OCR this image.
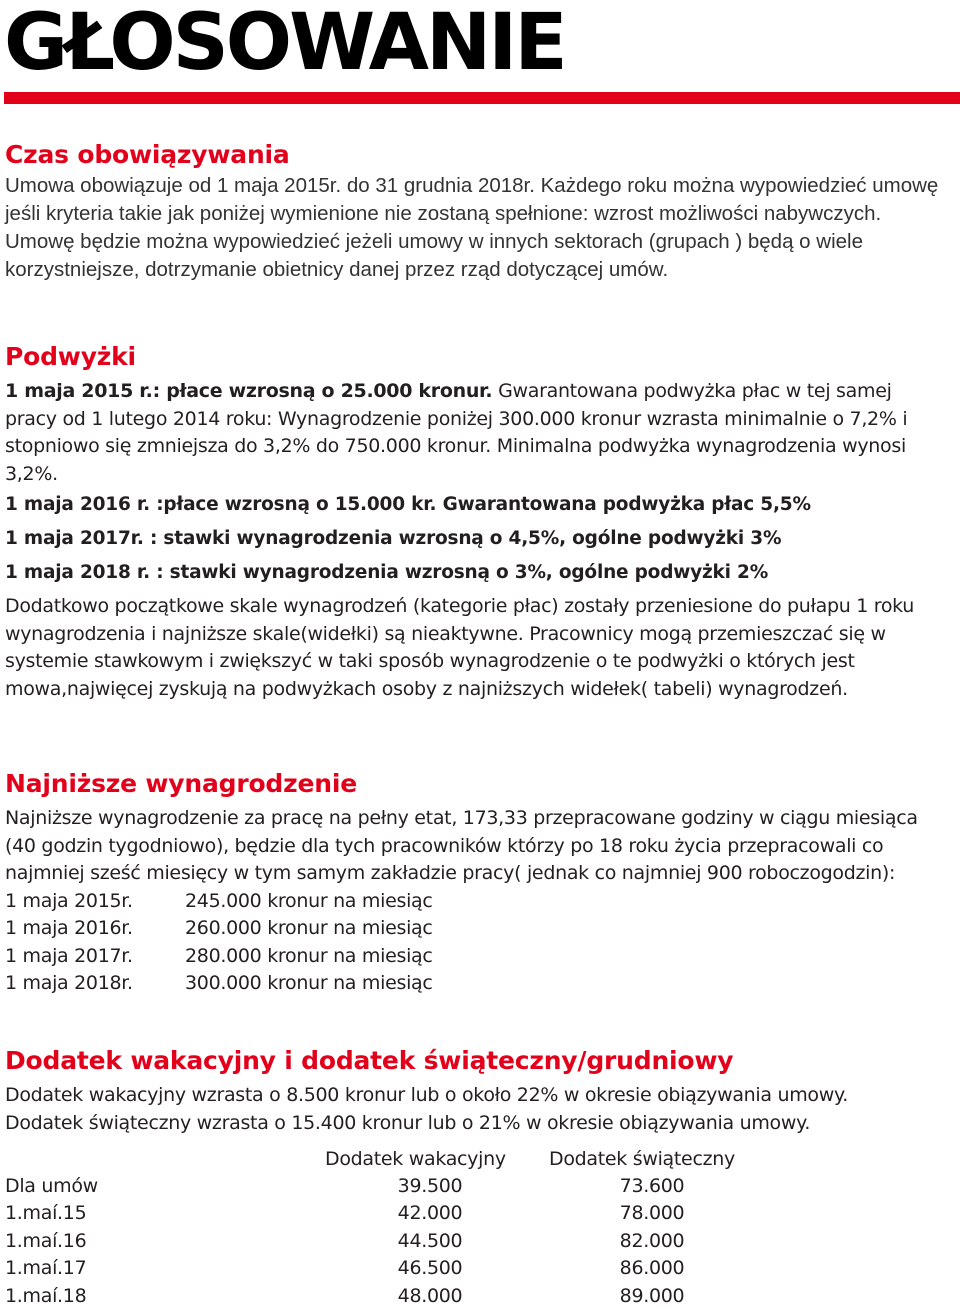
GŁOSOWANIE
Czas obowiązywania

Umowa obowiązuje od 1 maja 2015r. do 31 grudnia 2018r. Każdego roku można wypowiedzieć umowę jeśli kryteria takie jak poniżej wymienione nie zostaną spełnione: wzrost możliwości nabywczych. Umowę będzie można wypowiedzieć jeżeli umowy w innych sektorach (grupach ) będą o wiele korzystniejsze, dotrzymanie obietnicy danej przez rząd dotyczącej umów.

Podwyżki

1 maja 2015 r.: płace wzrosną o 25.000 kronur. Gwarantowana podwyżka płac w tej samej pracy od 1 lutego 2014 roku: Wynagrodzenie poniżej 300.000 kronur wzrasta minimalnie o 7,2% i stopniowo się zmniejsza do 3,2% do 750.000 kronur. Minimalna podwyżka wynagrodzenia wynosi 3,2%.

1 maja 2016 r. :płace wzrosną o 15.000 kr. Gwarantowana podwyżka płac 5,5%

1 maja 2017r. : stawki wynagrodzenia wzrosną o 4,5%, ogólne podwyżki 3%

1 maja 2018 r. : stawki wynagrodzenia wzrosną o 3%, ogólne podwyżki 2%

Dodatkowo początkowe skale wynagrodzeń (kategorie płac) zostały przeniesione do pułapu 1 roku wynagrodzenia i najniższe skale(widełki) są nieaktywne. Pracownicy mogą przemieszczać się w systemie stawkowym i zwiększyć w taki sposób wynagrodzenie o te podwyżki o których jest mowa,najwięcej zyskują na podwyżkach osoby z najniższych widełek( tabeli) wynagrodzeń.

Najniższe wynagrodzenie

Najniższe wynagrodzenie za pracę na pełny etat, 173,33 przepracowane godziny w ciągu miesiąca (40 godzin tygodniowo), będzie dla tych pracowników którzy po 18 roku życia przepracowali co najmniej sześć miesięcy w tym samym zakładzie pracy( jednak co najmniej 900 roboczogodzin):

1 maja 2015r.	245.000 kronur na miesiąc
1 maja 2016r.	260.000 kronur na miesiąc
1 maja 2017r.	280.000 kronur na miesiąc
1 maja 2018r.	300.000 kronur na miesiąc
Dodatek wakacyjny i dodatek świąteczny/grudniowy

Dodatek wakacyjny wzrasta o 8.500 kronur lub o około 22% w okresie obiązywania umowy.

Dodatek świąteczny wzrasta o 15.400 kronur lub o 21% w okresie obiązywania umowy.

	Dodatek wakacyjny	Dodatek świąteczny
Dla umów	39.500	73.600
1.maí.15	42.000	78.000
1.maí.16	44.500	82.000
1.maí.17	46.500	86.000
1.maí.18	48.000	89.000
